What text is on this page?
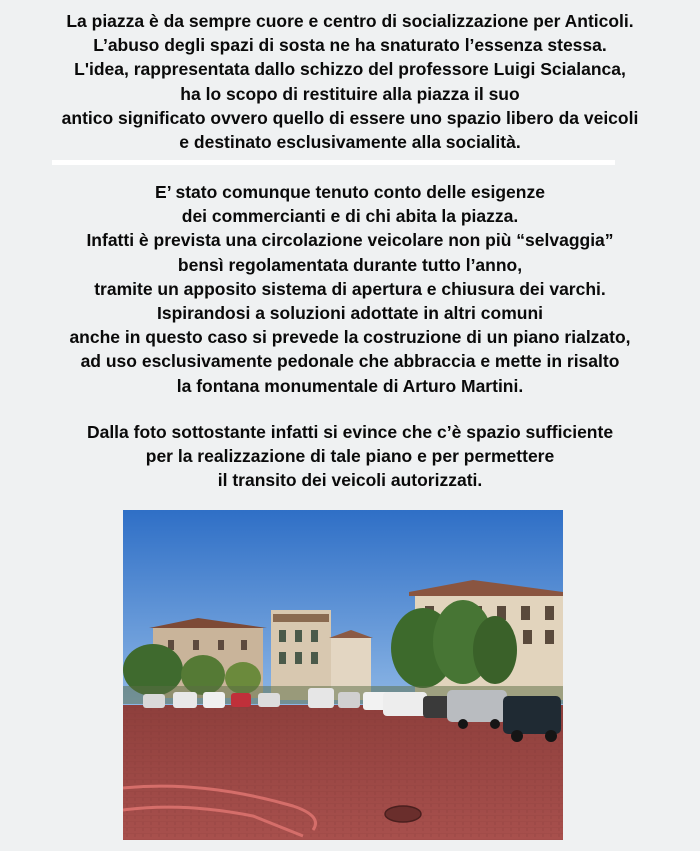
La piazza è da sempre cuore e centro di socializzazione per Anticoli.
L’abuso degli spazi di sosta ne ha snaturato l’essenza stessa.
L'idea, rappresentata dallo schizzo del professore Luigi Scialanca,
ha lo scopo di restituire alla piazza il suo
antico significato ovvero quello di essere uno spazio libero da veicoli
e destinato esclusivamente alla socialità.
E’ stato comunque tenuto conto delle esigenze
dei commercianti e di chi abita la piazza.
Infatti è prevista una circolazione veicolare non più “selvaggia”
bensì regolamentata durante tutto l’anno,
tramite un apposito sistema di apertura e chiusura dei varchi.
Ispirandosi a soluzioni adottate in altri comuni
anche in questo caso si prevede la costruzione di un piano rialzato,
ad uso esclusivamente pedonale che abbraccia e mette in risalto
la fontana monumentale di Arturo Martini.
Dalla foto sottostante infatti si evince che c’è spazio sufficiente
per la realizzazione di tale piano e per permettere
il transito dei veicoli autorizzati.
